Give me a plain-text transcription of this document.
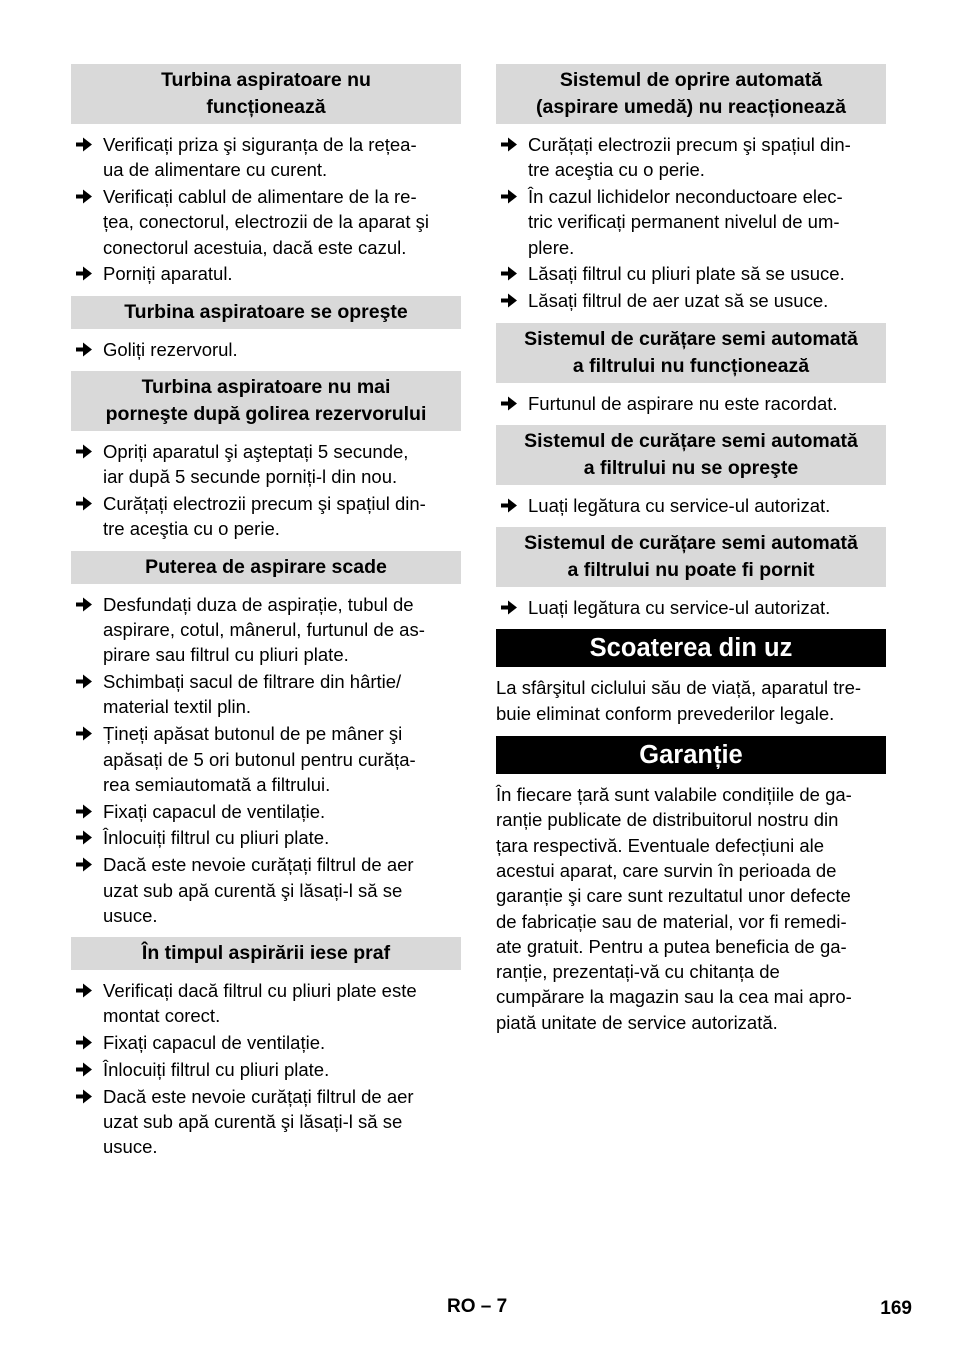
Turbina aspiratoare nu
funcționează
Verificați priza şi siguranța de la rețea-
ua de alimentare cu curent.
Verificați cablul de alimentare de la re-
țea, conectorul, electrozii de la aparat şi
conectorul acestuia, dacă este cazul.
Porniți aparatul.
Turbina aspiratoare se opreşte
Goliți rezervorul.
Turbina aspiratoare nu mai
porneşte după golirea rezervorului
Opriți aparatul şi aşteptați 5 secunde,
iar după 5 secunde porniți-l din nou.
Curățați electrozii precum şi spațiul din-
tre aceştia cu o perie.
Puterea de aspirare scade
Desfundați duza de aspirație, tubul de
aspirare, cotul, mânerul, furtunul de as-
pirare sau filtrul cu pliuri plate.
Schimbați sacul de filtrare din hârtie/
material textil plin.
Țineți apăsat butonul de pe mâner şi
apăsați de 5 ori butonul pentru curăța-
rea semiautomată a filtrului.
Fixați capacul de ventilație.
Înlocuiți filtrul cu pliuri plate.
Dacă este nevoie curățați filtrul de aer
uzat sub apă curentă şi lăsați-l să se
usuce.
În timpul aspirării iese praf
Verificați dacă filtrul cu pliuri plate este
montat corect.
Fixați capacul de ventilație.
Înlocuiți filtrul cu pliuri plate.
Dacă este nevoie curățați filtrul de aer
uzat sub apă curentă şi lăsați-l să se
usuce.
Sistemul de oprire automată
(aspirare umedă) nu reacționează
Curățați electrozii precum şi spațiul din-
tre aceştia cu o perie.
În cazul lichidelor neconductoare elec-
tric verificați permanent nivelul de um-
plere.
Lăsați filtrul cu pliuri plate să se usuce.
Lăsați filtrul de aer uzat să se usuce.
Sistemul de curățare semi automată
a filtrului nu funcționează
Furtunul de aspirare nu este racordat.
Sistemul de curățare semi automată
a filtrului nu se opreşte
Luați legătura cu service-ul autorizat.
Sistemul de curățare semi automată
a filtrului nu poate fi pornit
Luați legătura cu service-ul autorizat.
Scoaterea din uz

La sfârşitul ciclului său de viață, aparatul tre-
buie eliminat conform prevederilor legale.

Garanție

În fiecare țară sunt valabile condițiile de ga-
ranție publicate de distribuitorul nostru din
țara respectivă. Eventuale defecțiuni ale
acestui aparat, care survin în perioada de
garanție şi care sunt rezultatul unor defecte
de fabricație sau de material, vor fi remedi-
ate gratuit. Pentru a putea beneficia de ga-
ranție, prezentați-vă cu chitanța de
cumpărare la magazin sau la cea mai apro-
piată unitate de service autorizată.

RO – 7	169
